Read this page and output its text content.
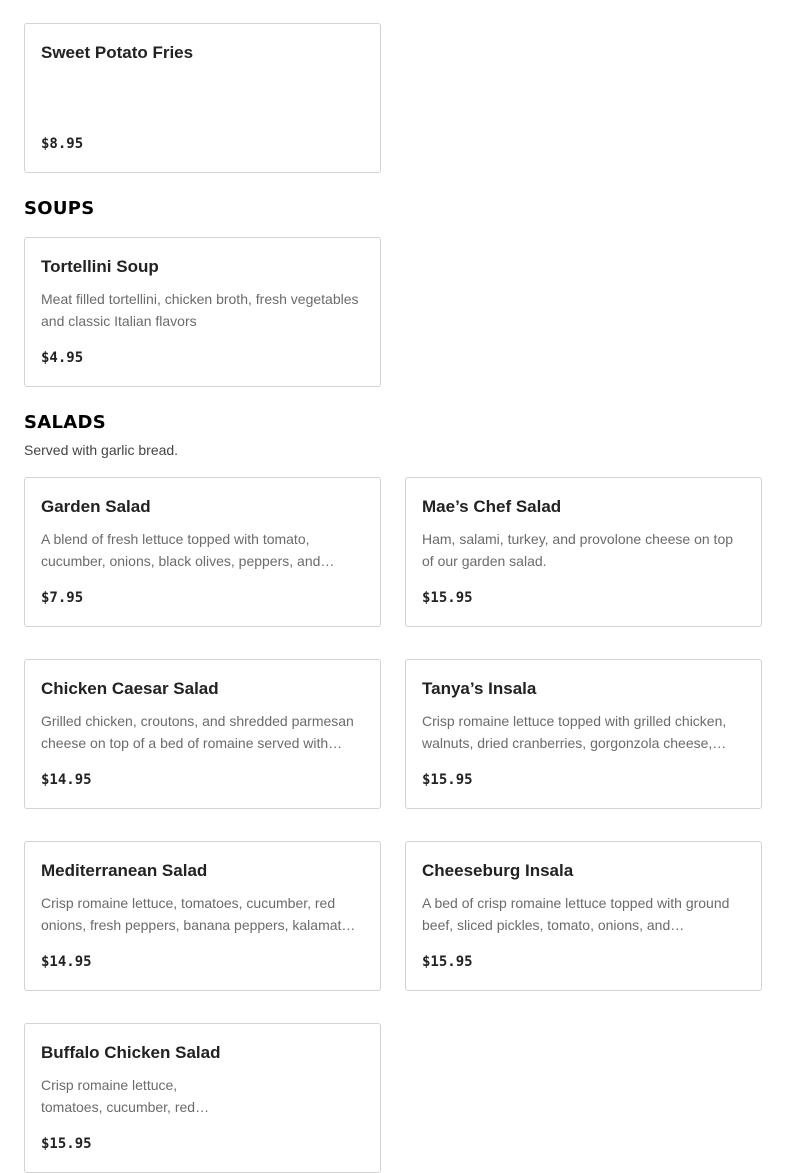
Sweet Potato Fries
$8.95
SOUPS
Tortellini Soup
Meat filled tortellini, chicken broth, fresh vegetables and classic Italian flavors
$4.95
SALADS
Served with garlic bread.
Garden Salad
A blend of fresh lettuce topped with tomato, cucumber, onions, black olives, peppers, and…
$7.95
Mae’s Chef Salad
Ham, salami, turkey, and provolone cheese on top of our garden salad.
$15.95
Chicken Caesar Salad
Grilled chicken, croutons, and shredded parmesan cheese on top of a bed of romaine served with…
$14.95
Tanya’s Insala
Crisp romaine lettuce topped with grilled chicken, walnuts, dried cranberries, gorgonzola cheese,…
$15.95
Mediterranean Salad
Crisp romaine lettuce, tomatoes, cucumber, red onions, fresh peppers, banana peppers, kalamat…
$14.95
Cheeseburg Insala
A bed of crisp romaine lettuce topped with ground beef, sliced pickles, tomato, onions, and…
$15.95
Buffalo Chicken Salad
Crisp romaine lettuce, tomatoes, cucumber, red…
$15.95
